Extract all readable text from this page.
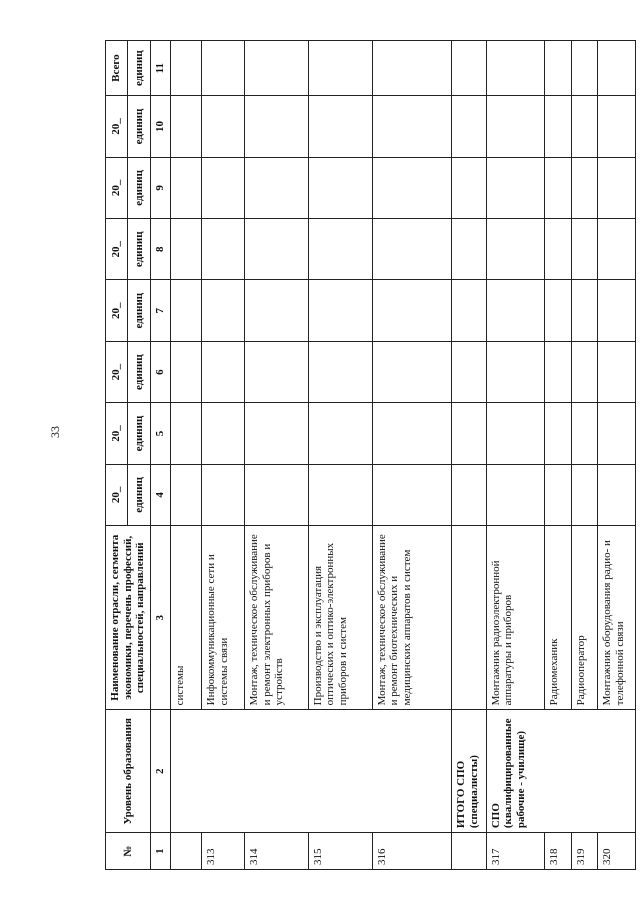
33
№	Уровень образования	Наименование отрасли, сегмента экономики, перечень профессий, специальностей, направлений	20_	20_	20_	20_	20_	20_	20_	Всего
			единиц	единиц	единиц	единиц	единиц	единиц	единиц	единиц
1	2	3	4	5	6	7	8	9	10	11
		системы								
313		Инфокоммуникационные сети и системы связи								
314		Монтаж, техническое обслуживание и ремонт электронных приборов и устройств								
315		Производство и эксплуатация оптических и оптико-электронных приборов и систем								
316		Монтаж, техническое обслуживание и ремонт биотехнических и медицинских аппаратов и систем								
	ИТОГО СПО (специалисты)									
317	СПО (квалифицированные рабочие - училище)	Монтажник радиоэлектронной аппаратуры и приборов								
318		Радиомеханик								
319		Радиооператор								
320		Монтажник оборудования радио- и телефонной связи								
